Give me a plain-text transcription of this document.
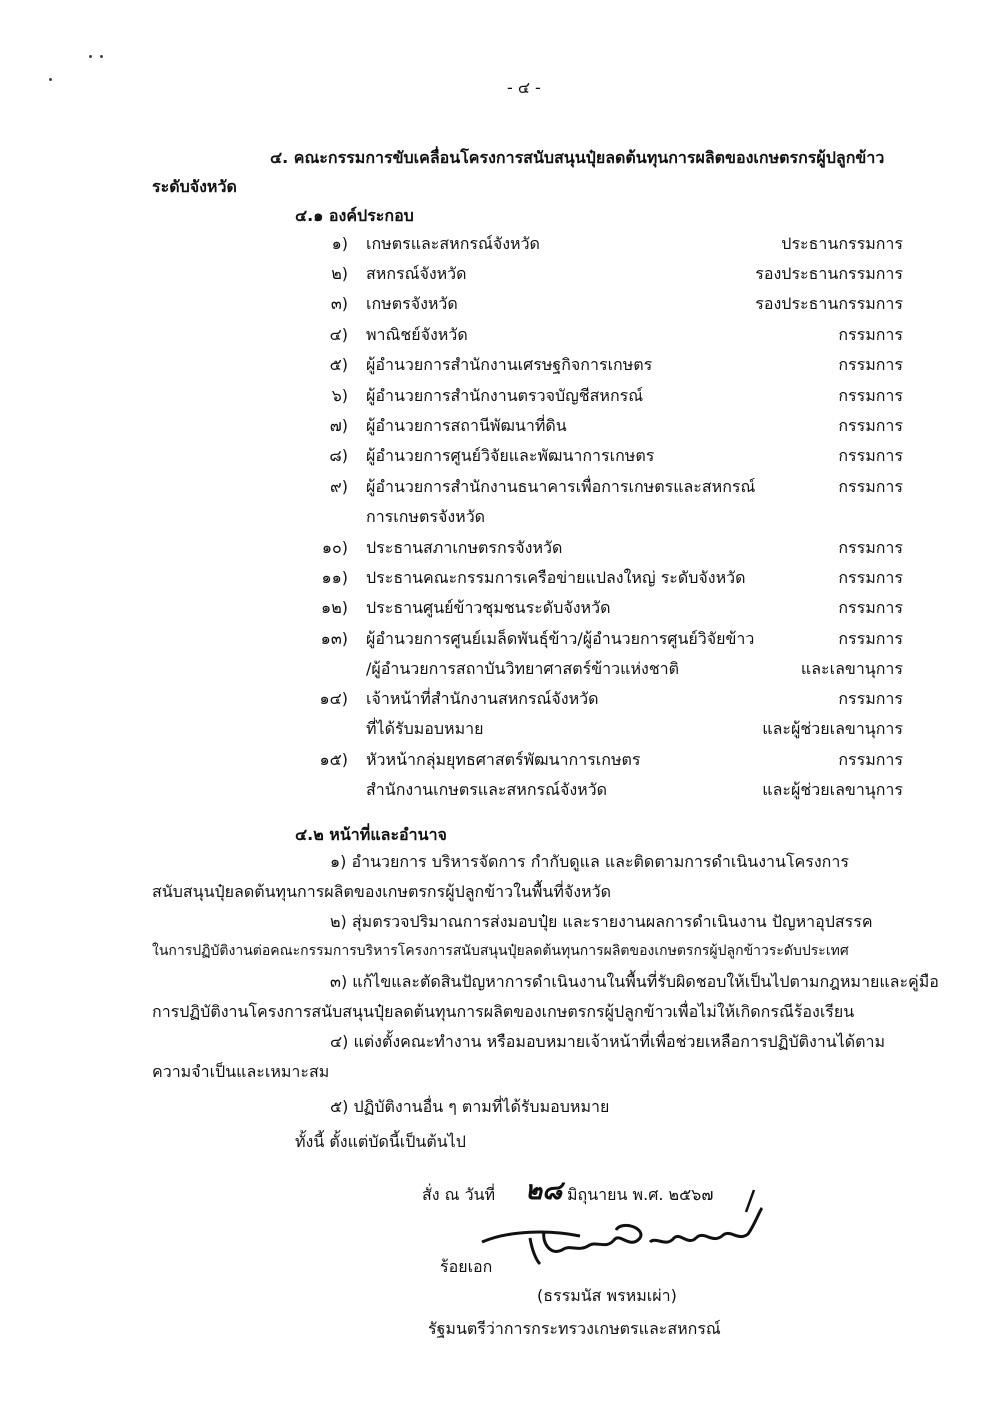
- ๔ -
๔. คณะกรรมการขับเคลื่อนโครงการสนับสนุนปุ๋ยลดต้นทุนการผลิตของเกษตรกรผู้ปลูกข้าว
ระดับจังหวัด
๔.๑ องค์ประกอบ
๑) เกษตรและสหกรณ์จังหวัด	ประธานกรรมการ
๒) สหกรณ์จังหวัด	รองประธานกรรมการ
๓) เกษตรจังหวัด	รองประธานกรรมการ
๔) พาณิชย์จังหวัด	กรรมการ
๕) ผู้อำนวยการสำนักงานเศรษฐกิจการเกษตร	กรรมการ
๖) ผู้อำนวยการสำนักงานตรวจบัญชีสหกรณ์	กรรมการ
๗) ผู้อำนวยการสถานีพัฒนาที่ดิน	กรรมการ
๘) ผู้อำนวยการศูนย์วิจัยและพัฒนาการเกษตร	กรรมการ
๙) ผู้อำนวยการสำนักงานธนาคารเพื่อการเกษตรและสหกรณ์	กรรมการ
การเกษตรจังหวัด
๑๐) ประธานสภาเกษตรกรจังหวัด	กรรมการ
๑๑) ประธานคณะกรรมการเครือข่ายแปลงใหญ่ ระดับจังหวัด	กรรมการ
๑๒) ประธานศูนย์ข้าวชุมชนระดับจังหวัด	กรรมการ
๑๓) ผู้อำนวยการศูนย์เมล็ดพันธุ์ข้าว/ผู้อำนวยการศูนย์วิจัยข้าว	กรรมการ
/ผู้อำนวยการสถาบันวิทยาศาสตร์ข้าวแห่งชาติ	และเลขานุการ
๑๔) เจ้าหน้าที่สำนักงานสหกรณ์จังหวัด	กรรมการ
ที่ได้รับมอบหมาย	และผู้ช่วยเลขานุการ
๑๕) หัวหน้ากลุ่มยุทธศาสตร์พัฒนาการเกษตร	กรรมการ
สำนักงานเกษตรและสหกรณ์จังหวัด	และผู้ช่วยเลขานุการ
๔.๒ หน้าที่และอำนาจ
๑) อำนวยการ บริหารจัดการ กำกับดูแล และติดตามการดำเนินงานโครงการ
สนับสนุนปุ๋ยลดต้นทุนการผลิตของเกษตรกรผู้ปลูกข้าวในพื้นที่จังหวัด
๒) สุ่มตรวจปริมาณการส่งมอบปุ๋ย และรายงานผลการดำเนินงาน ปัญหาอุปสรรค
ในการปฏิบัติงานต่อคณะกรรมการบริหารโครงการสนับสนุนปุ๋ยลดต้นทุนการผลิตของเกษตรกรผู้ปลูกข้าวระดับประเทศ
๓) แก้ไขและตัดสินปัญหาการดำเนินงานในพื้นที่รับผิดชอบให้เป็นไปตามกฎหมายและคู่มือ
การปฏิบัติงานโครงการสนับสนุนปุ๋ยลดต้นทุนการผลิตของเกษตรกรผู้ปลูกข้าวเพื่อไม่ให้เกิดกรณีร้องเรียน
๔) แต่งตั้งคณะทำงาน หรือมอบหมายเจ้าหน้าที่เพื่อช่วยเหลือการปฏิบัติงานได้ตาม
ความจำเป็นและเหมาะสม
๕) ปฏิบัติงานอื่น ๆ ตามที่ได้รับมอบหมาย
ทั้งนี้ ตั้งแต่บัดนี้เป็นต้นไป
สั่ง ณ วันที่ ๒๘ มิถุนายน พ.ศ. ๒๕๖๗
ร้อยเอก
(ธรรมนัส พรหมเผ่า)
รัฐมนตรีว่าการกระทรวงเกษตรและสหกรณ์
